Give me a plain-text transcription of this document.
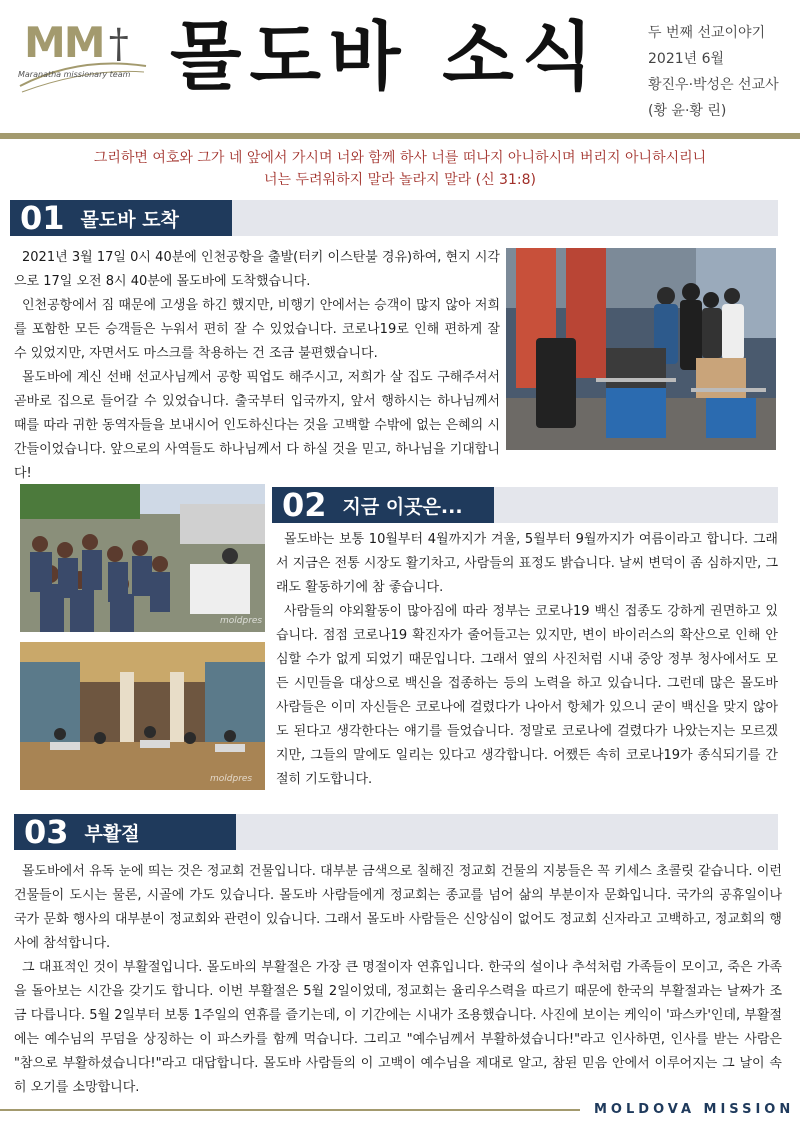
MM †
Maranatha missionary team 몰도바 소식	두 번째 선교이야기
2021년 6월
황진우·박성은 선교사
(황 윤·황 린)
그리하면 여호와 그가 네 앞에서 가시며 너와 함께 하사 너를 떠나지 아니하시며 버리지 아니하시리니
너는 두려워하지 말라 놀라지 말라 (신 31:8)
01 몰도바 도착

2021년 3월 17일 0시 40분에 인천공항을 출발(터키 이스탄불 경유)하여, 현지 시각으로 17일 오전 8시 40분에 몰도바에 도착했습니다.

인천공항에서 짐 때문에 고생을 하긴 했지만, 비행기 안에서는 승객이 많지 않아 저희를 포함한 모든 승객들은 누워서 편히 잘 수 있었습니다. 코로나19로 인해 편하게 잘 수 있었지만, 자면서도 마스크를 착용하는 건 조금 불편했습니다.

몰도바에 계신 선배 선교사님께서 공항 픽업도 해주시고, 저희가 살 집도 구해주셔서 곧바로 집으로 들어갈 수 있었습니다. 출국부터 입국까지, 앞서 행하시는 하나님께서 때를 따라 귀한 동역자들을 보내시어 인도하신다는 것을 고백할 수밖에 없는 은혜의 시간들이었습니다. 앞으로의 사역들도 하나님께서 다 하실 것을 믿고, 하나님을 기대합니다!

moldpres
moldpres
02 지금 이곳은...

몰도바는 보통 10월부터 4월까지가 겨울, 5월부터 9월까지가 여름이라고 합니다. 그래서 지금은 전통 시장도 활기차고, 사람들의 표정도 밝습니다. 날씨 변덕이 좀 심하지만, 그래도 활동하기에 참 좋습니다.

사람들의 야외활동이 많아짐에 따라 정부는 코로나19 백신 접종도 강하게 권면하고 있습니다. 점점 코로나19 확진자가 줄어들고는 있지만, 변이 바이러스의 확산으로 인해 안심할 수가 없게 되었기 때문입니다. 그래서 옆의 사진처럼 시내 중앙 정부 청사에서도 모든 시민들을 대상으로 백신을 접종하는 등의 노력을 하고 있습니다. 그런데 많은 몰도바 사람들은 이미 자신들은 코로나에 걸렸다가 나아서 항체가 있으니 굳이 백신을 맞지 않아도 된다고 생각한다는 얘기를 들었습니다. 정말로 코로나에 걸렸다가 나았는지는 모르겠지만, 그들의 말에도 일리는 있다고 생각합니다. 어쨌든 속히 코로나19가 종식되기를 간절히 기도합니다.

03 부활절

몰도바에서 유독 눈에 띄는 것은 정교회 건물입니다. 대부분 금색으로 칠해진 정교회 건물의 지붕들은 꼭 키세스 초콜릿 같습니다. 이런 건물들이 도시는 물론, 시골에 가도 있습니다. 몰도바 사람들에게 정교회는 종교를 넘어 삶의 부분이자 문화입니다. 국가의 공휴일이나 국가 문화 행사의 대부분이 정교회와 관련이 있습니다. 그래서 몰도바 사람들은 신앙심이 없어도 정교회 신자라고 고백하고, 정교회의 행사에 참석합니다.

그 대표적인 것이 부활절입니다. 몰도바의 부활절은 가장 큰 명절이자 연휴입니다. 한국의 설이나 추석처럼 가족들이 모이고, 죽은 가족을 돌아보는 시간을 갖기도 합니다. 이번 부활절은 5월 2일이었데, 정교회는 율리우스력을 따르기 때문에 한국의 부활절과는 날짜가 조금 다릅니다. 5월 2일부터 보통 1주일의 연휴를 즐기는데, 이 기간에는 시내가 조용했습니다. 사진에 보이는 케익이 '파스카'인데, 부활절에는 예수님의 무덤을 상징하는 이 파스카를 함께 먹습니다. 그리고 "예수님께서 부활하셨습니다!"라고 인사하면, 인사를 받는 사람은 "참으로 부활하셨습니다!"라고 대답합니다. 몰도바 사람들의 이 고백이 예수님을 제대로 알고, 참된 믿음 안에서 이루어지는 그 날이 속히 오기를 소망합니다.

MOLDOVA MISSION
